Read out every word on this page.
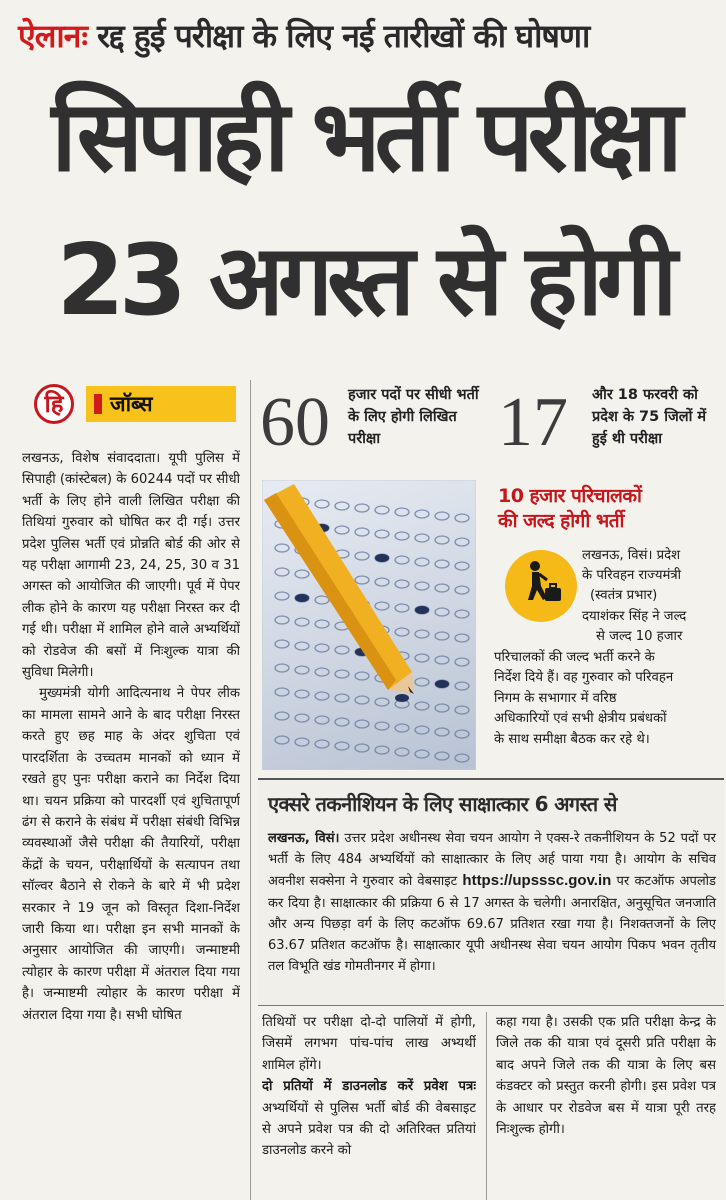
ऐलानः रद्द हुई परीक्षा के लिए नई तारीखों की घोषणा
सिपाही भर्ती परीक्षा
23 अगस्त से होगी
हि	जॉब्स

लखनऊ, विशेष संवाददाता। यूपी पुलिस में सिपाही (कांस्टेबल) के 60244 पदों पर सीधी भर्ती के लिए होने वाली लिखित परीक्षा की तिथियां गुरुवार को घोषित कर दी गई। उत्तर प्रदेश पुलिस भर्ती एवं प्रोन्नति बोर्ड की ओर से यह परीक्षा आगामी 23, 24, 25, 30 व 31 अगस्त को आयोजित की जाएगी। पूर्व में पेपर लीक होने के कारण यह परीक्षा निरस्त कर दी गई थी। परीक्षा में शामिल होने वाले अभ्यर्थियों को रोडवेज की बसों में निःशुल्क यात्रा की सुविधा मिलेगी।

मुख्यमंत्री योगी आदित्यनाथ ने पेपर लीक का मामला सामने आने के बाद परीक्षा निरस्त करते हुए छह माह के अंदर शुचिता एवं पारदर्शिता के उच्चतम मानकों को ध्यान में रखते हुए पुनः परीक्षा कराने का निर्देश दिया था। चयन प्रक्रिया को पारदर्शी एवं शुचितापूर्ण ढंग से कराने के संबंध में परीक्षा संबंधी विभिन्न व्यवस्थाओं जैसे परीक्षा की तैयारियों, परीक्षा केंद्रों के चयन, परीक्षार्थियों के सत्यापन तथा सॉल्वर बैठाने से रोकने के बारे में भी प्रदेश सरकार ने 19 जून को विस्तृत दिशा-निर्देश जारी किया था। परीक्षा इन सभी मानकों के अनुसार आयोजित की जाएगी। जन्माष्टमी त्योहार के कारण परीक्षा में अंतराल दिया गया है। जन्माष्टमी त्योहार के कारण परीक्षा में अंतराल दिया गया है। सभी घोषित

60 हजार पदों पर सीधी भर्ती के लिए होगी लिखित परीक्षा	17 और 18 फरवरी को प्रदेश के 75 जिलों में हुई थी परीक्षा
10 हजार परिचालकों
की जल्द होगी भर्ती
लखनऊ, विसं। प्रदेश
के परिवहन राज्यमंत्री
(स्वतंत्र प्रभार)
दयाशंकर सिंह ने जल्द
से जल्द 10 हजार
परिचालकों की जल्द भर्ती करने के
निर्देश दिये हैं। वह गुरुवार को परिवहन
निगम के सभागार में वरिष्ठ
अधिकारियों एवं सभी क्षेत्रीय प्रबंधकों
के साथ समीक्षा बैठक कर रहे थे।
एक्सरे तकनीशियन के लिए साक्षात्कार 6 अगस्त से
लखनऊ, विसं। उत्तर प्रदेश अधीनस्थ सेवा चयन आयोग ने एक्स-रे तकनीशियन के 52 पदों पर भर्ती के लिए 484 अभ्यर्थियों को साक्षात्कार के लिए अर्ह पाया गया है। आयोग के सचिव अवनीश सक्सेना ने गुरुवार को वेबसाइट https://upsssc.gov.in पर कटऑफ अपलोड कर दिया है। साक्षात्कार की प्रक्रिया 6 से 17 अगस्त के चलेगी। अनारक्षित, अनुसूचित जनजाति और अन्य पिछड़ा वर्ग के लिए कटऑफ 69.67 प्रतिशत रखा गया है। निशक्तजनों के लिए 63.67 प्रतिशत कटऑफ है। साक्षात्कार यूपी अधीनस्थ सेवा चयन आयोग पिकप भवन तृतीय तल विभूति खंड गोमतीनगर में होगा।

तिथियों पर परीक्षा दो-दो पालियों में होगी, जिसमें लगभग पांच-पांच लाख अभ्यर्थी शामिल होंगे।

दो प्रतियों में डाउनलोड करें प्रवेश पत्रः अभ्यर्थियों से पुलिस भर्ती बोर्ड की वेबसाइट से अपने प्रवेश पत्र की दो अतिरिक्त प्रतियां डाउनलोड करने को

कहा गया है। उसकी एक प्रति परीक्षा केन्द्र के जिले तक की यात्रा एवं दूसरी प्रति परीक्षा के बाद अपने जिले तक की यात्रा के लिए बस कंडक्टर को प्रस्तुत करनी होगी। इस प्रवेश पत्र के आधार पर रोडवेज बस में यात्रा पूरी तरह निःशुल्क होगी।
